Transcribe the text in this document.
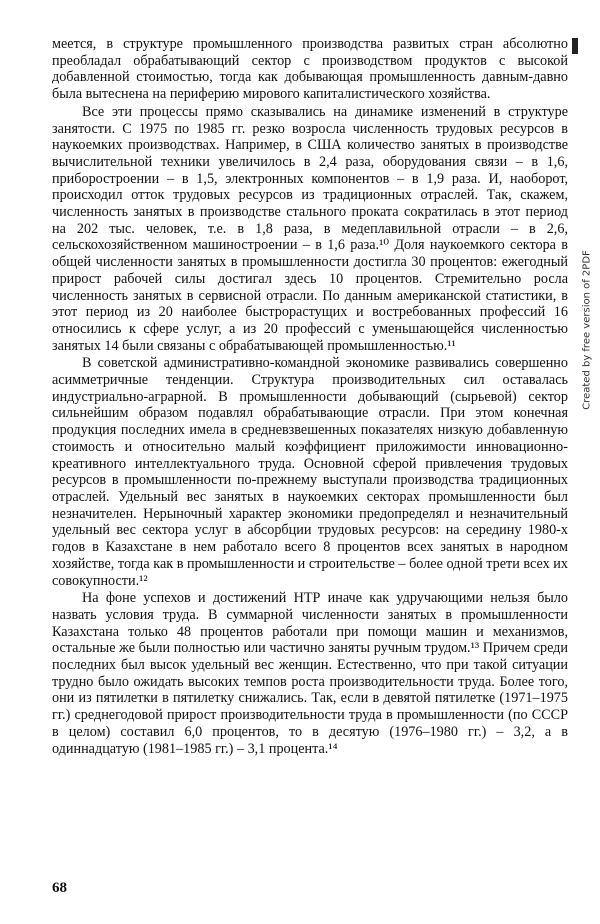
меется, в структуре промышленного производства развитых стран абсолютно преобладал обрабатывающий сектор с производством продуктов с высокой добавленной стоимостью, тогда как добывающая промышленность давным-давно была вытеснена на периферию мирового капиталистического хозяйства.

Все эти процессы прямо сказывались на динамике изменений в структуре занятости. С 1975 по 1985 гг. резко возросла численность трудовых ресурсов в наукоемких производствах. Например, в США количество занятых в производстве вычислительной техники увеличилось в 2,4 раза, оборудования связи – в 1,6, приборостроении – в 1,5, электронных компонентов – в 1,9 раза. И, наоборот, происходил отток трудовых ресурсов из традиционных отраслей. Так, скажем, численность занятых в производстве стального проката сократилась в этот период на 202 тыс. человек, т.е. в 1,8 раза, в медеплавильной отрасли – в 2,6, сельскохозяйственном машиностроении – в 1,6 раза.¹⁰ Доля наукоемкого сектора в общей численности занятых в промышленности достигла 30 процентов: ежегодный прирост рабочей силы достигал здесь 10 процентов. Стремительно росла численность занятых в сервисной отрасли. По данным американской статистики, в этот период из 20 наиболее быстрорастущих и востребованных профессий 16 относились к сфере услуг, а из 20 профессий с уменьшающейся численностью занятых 14 были связаны с обрабатывающей промышленностью.¹¹

В советской административно-командной экономике развивались совершенно асимметричные тенденции. Структура производительных сил оставалась индустриально-аграрной. В промышленности добывающий (сырьевой) сектор сильнейшим образом подавлял обрабатывающие отрасли. При этом конечная продукция последних имела в средневзвешенных показателях низкую добавленную стоимость и относительно малый коэффициент приложимости инновационно-креативного интеллектуального труда. Основной сферой привлечения трудовых ресурсов в промышленности по-прежнему выступали производства традиционных отраслей. Удельный вес занятых в наукоемких секторах промышленности был незначителен. Нерыночный характер экономики предопределял и незначительный удельный вес сектора услуг в абсорбции трудовых ресурсов: на середину 1980-х годов в Казахстане в нем работало всего 8 процентов всех занятых в народном хозяйстве, тогда как в промышленности и строительстве – более одной трети всех их совокупности.¹²

На фоне успехов и достижений НТР иначе как удручающими нельзя было назвать условия труда. В суммарной численности занятых в промышленности Казахстана только 48 процентов работали при помощи машин и механизмов, остальные же были полностью или частично заняты ручным трудом.¹³ Причем среди последних был высок удельный вес женщин. Естественно, что при такой ситуации трудно было ожидать высоких темпов роста производительности труда. Более того, они из пятилетки в пятилетку снижались. Так, если в девятой пятилетке (1971–1975 гг.) среднегодовой прирост производительности труда в промышленности (по СССР в целом) составил 6,0 процентов, то в десятую (1976–1980 гг.) – 3,2, а в одиннадцатую (1981–1985 гг.) – 3,1 процента.¹⁴

Created by free version of 2PDF
68
